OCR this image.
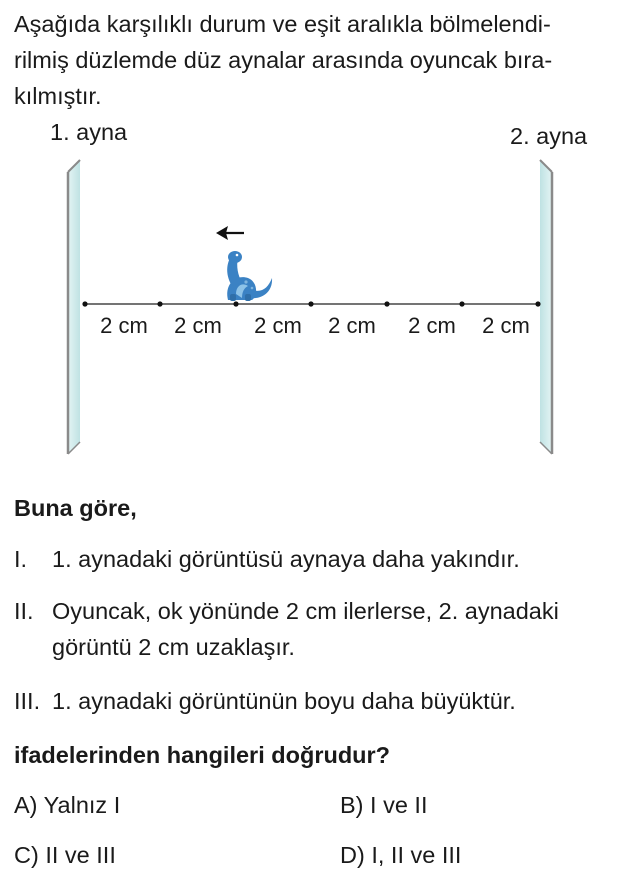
Aşağıda karşılıklı durum ve eşit aralıkla bölmelendi-
rilmiş düzlemde düz aynalar arasında oyuncak bıra-
kılmıştır.
1. ayna	2. ayna
2 cm 2 cm 2 cm 2 cm 2 cm 2 cm
Buna göre,
I. 1. aynadaki görüntüsü aynaya daha yakındır.
II. Oyuncak, ok yönünde 2 cm ilerlerse, 2. aynadaki
görüntü 2 cm uzaklaşır.
III. 1. aynadaki görüntünün boyu daha büyüktür.
ifadelerinden hangileri doğrudur?
A) Yalnız I	B) I ve II
C) II ve III	D) I, II ve III
